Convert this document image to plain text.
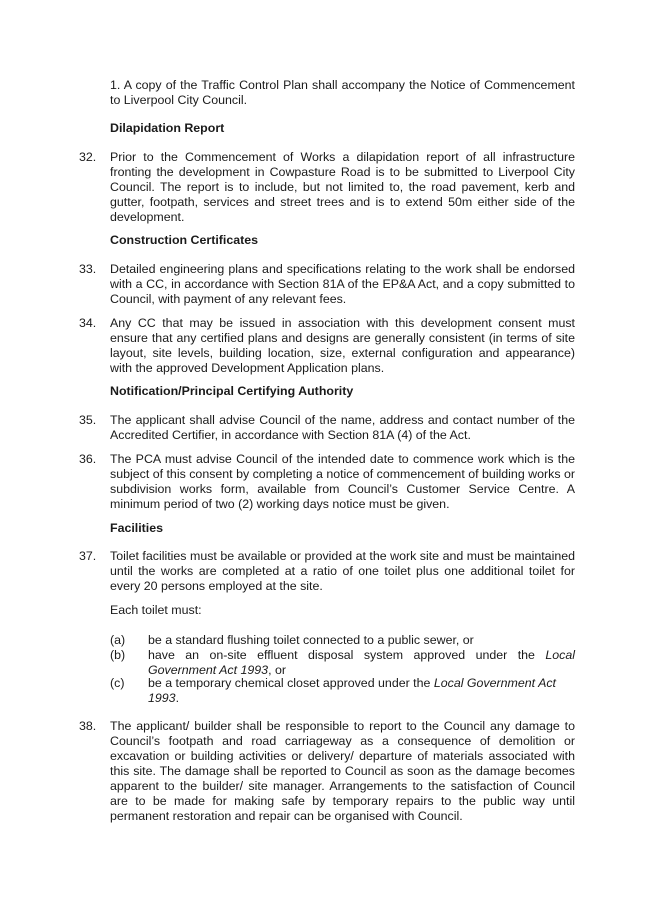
1. A copy of the Traffic Control Plan shall accompany the Notice of Commencement to Liverpool City Council.

Dilapidation Report

32. Prior to the Commencement of Works a dilapidation report of all infrastructure fronting the development in Cowpasture Road is to be submitted to Liverpool City Council. The report is to include, but not limited to, the road pavement, kerb and gutter, footpath, services and street trees and is to extend 50m either side of the development.

Construction Certificates

33. Detailed engineering plans and specifications relating to the work shall be endorsed with a CC, in accordance with Section 81A of the EP&A Act, and a copy submitted to Council, with payment of any relevant fees.

34. Any CC that may be issued in association with this development consent must ensure that any certified plans and designs are generally consistent (in terms of site layout, site levels, building location, size, external configuration and appearance) with the approved Development Application plans.

Notification/Principal Certifying Authority

35. The applicant shall advise Council of the name, address and contact number of the Accredited Certifier, in accordance with Section 81A (4) of the Act.

36. The PCA must advise Council of the intended date to commence work which is the subject of this consent by completing a notice of commencement of building works or subdivision works form, available from Council’s Customer Service Centre. A minimum period of two (2) working days notice must be given.

Facilities

37. Toilet facilities must be available or provided at the work site and must be maintained until the works are completed at a ratio of one toilet plus one additional toilet for every 20 persons employed at the site.

Each toilet must:

(a) be a standard flushing toilet connected to a public sewer, or

(b) have an on-site effluent disposal system approved under the Local Government Act 1993, or

(c) be a temporary chemical closet approved under the Local Government Act 1993.

38. The applicant/ builder shall be responsible to report to the Council any damage to Council’s footpath and road carriageway as a consequence of demolition or excavation or building activities or delivery/ departure of materials associated with this site. The damage shall be reported to Council as soon as the damage becomes apparent to the builder/ site manager. Arrangements to the satisfaction of Council are to be made for making safe by temporary repairs to the public way until permanent restoration and repair can be organised with Council.
